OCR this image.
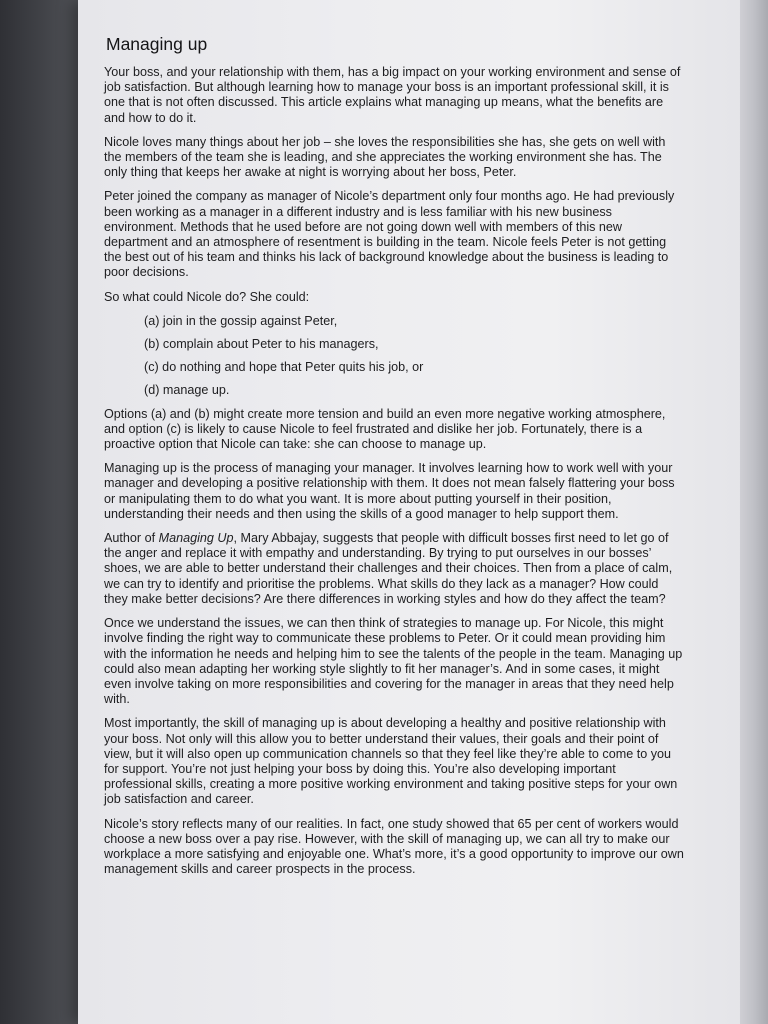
Managing up

Your boss, and your relationship with them, has a big impact on your working environment and sense of job satisfaction. But although learning how to manage your boss is an important professional skill, it is one that is not often discussed. This article explains what managing up means, what the benefits are and how to do it.

Nicole loves many things about her job – she loves the responsibilities she has, she gets on well with the members of the team she is leading, and she appreciates the working environment she has. The only thing that keeps her awake at night is worrying about her boss, Peter.

Peter joined the company as manager of Nicole’s department only four months ago. He had previously been working as a manager in a different industry and is less familiar with his new business environment. Methods that he used before are not going down well with members of this new department and an atmosphere of resentment is building in the team. Nicole feels Peter is not getting the best out of his team and thinks his lack of background knowledge about the business is leading to poor decisions.

So what could Nicole do? She could:

(a) join in the gossip against Peter,
(b) complain about Peter to his managers,
(c) do nothing and hope that Peter quits his job, or
(d) manage up.

Options (a) and (b) might create more tension and build an even more negative working atmosphere, and option (c) is likely to cause Nicole to feel frustrated and dislike her job. Fortunately, there is a proactive option that Nicole can take: she can choose to manage up.

Managing up is the process of managing your manager. It involves learning how to work well with your manager and developing a positive relationship with them. It does not mean falsely flattering your boss or manipulating them to do what you want. It is more about putting yourself in their position, understanding their needs and then using the skills of a good manager to help support them.

Author of Managing Up, Mary Abbajay, suggests that people with difficult bosses first need to let go of the anger and replace it with empathy and understanding. By trying to put ourselves in our bosses’ shoes, we are able to better understand their challenges and their choices. Then from a place of calm, we can try to identify and prioritise the problems. What skills do they lack as a manager? How could they make better decisions? Are there differences in working styles and how do they affect the team?

Once we understand the issues, we can then think of strategies to manage up. For Nicole, this might involve finding the right way to communicate these problems to Peter. Or it could mean providing him with the information he needs and helping him to see the talents of the people in the team. Managing up could also mean adapting her working style slightly to fit her manager’s. And in some cases, it might even involve taking on more responsibilities and covering for the manager in areas that they need help with.

Most importantly, the skill of managing up is about developing a healthy and positive relationship with your boss. Not only will this allow you to better understand their values, their goals and their point of view, but it will also open up communication channels so that they feel like they’re able to come to you for support. You’re not just helping your boss by doing this. You’re also developing important professional skills, creating a more positive working environment and taking positive steps for your own job satisfaction and career.

Nicole’s story reflects many of our realities. In fact, one study showed that 65 per cent of workers would choose a new boss over a pay rise. However, with the skill of managing up, we can all try to make our workplace a more satisfying and enjoyable one. What’s more, it’s a good opportunity to improve our own management skills and career prospects in the process.
